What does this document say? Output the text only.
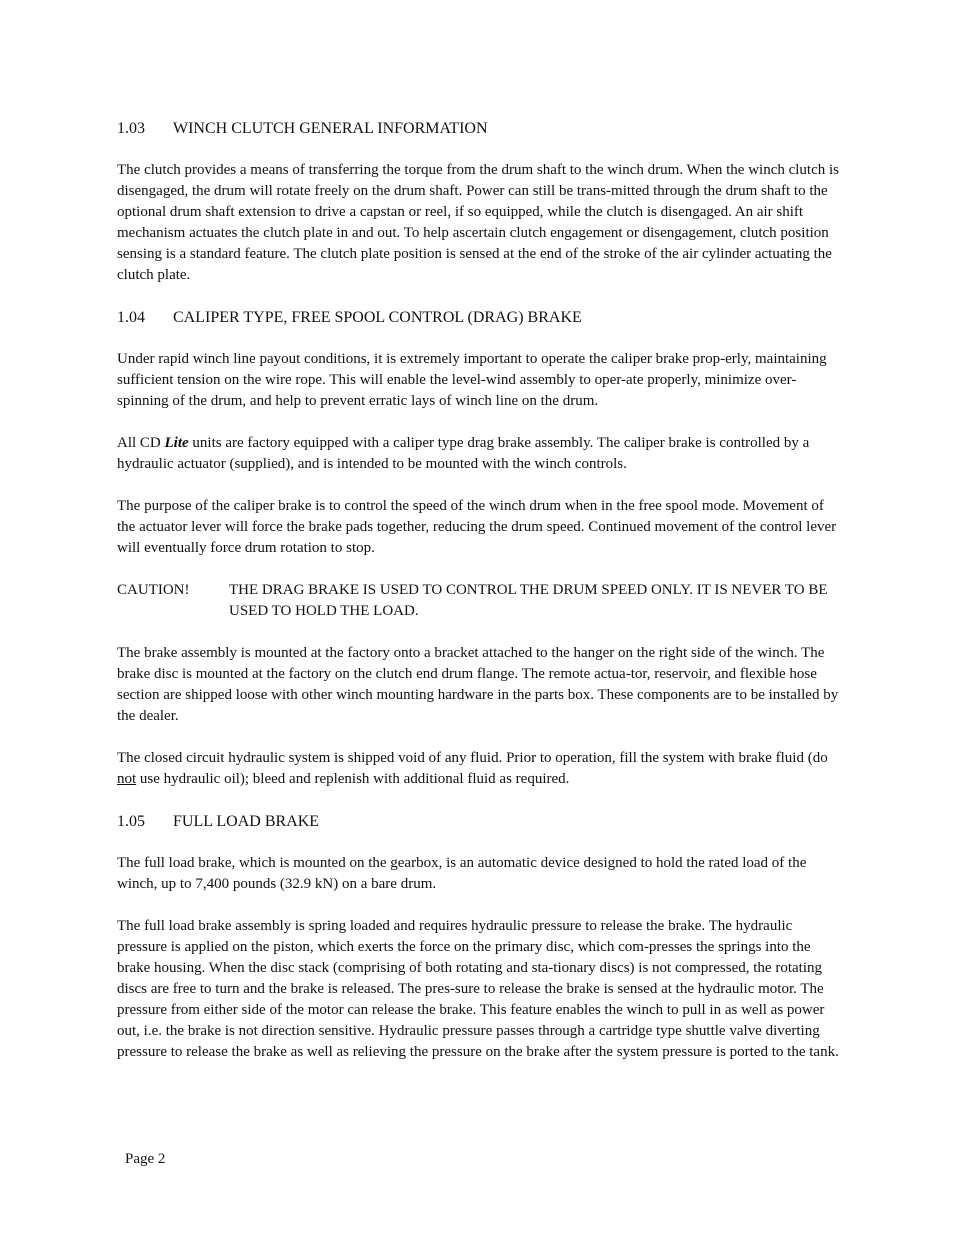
1.03 WINCH CLUTCH GENERAL INFORMATION

The clutch provides a means of transferring the torque from the drum shaft to the winch drum. When the winch clutch is disengaged, the drum will rotate freely on the drum shaft. Power can still be trans-mitted through the drum shaft to the optional drum shaft extension to drive a capstan or reel, if so equipped, while the clutch is disengaged. An air shift mechanism actuates the clutch plate in and out. To help ascertain clutch engagement or disengagement, clutch position sensing is a standard feature. The clutch plate position is sensed at the end of the stroke of the air cylinder actuating the clutch plate.

1.04 CALIPER TYPE, FREE SPOOL CONTROL (DRAG) BRAKE

Under rapid winch line payout conditions, it is extremely important to operate the caliper brake prop-erly, maintaining sufficient tension on the wire rope. This will enable the level-wind assembly to oper-ate properly, minimize over-spinning of the drum, and help to prevent erratic lays of winch line on the drum.

All CD Lite units are factory equipped with a caliper type drag brake assembly. The caliper brake is controlled by a hydraulic actuator (supplied), and is intended to be mounted with the winch controls.

The purpose of the caliper brake is to control the speed of the winch drum when in the free spool mode. Movement of the actuator lever will force the brake pads together, reducing the drum speed. Continued movement of the control lever will eventually force drum rotation to stop.

CAUTION!	THE DRAG BRAKE IS USED TO CONTROL THE DRUM SPEED ONLY. IT IS NEVER TO BE USED TO HOLD THE LOAD.

The brake assembly is mounted at the factory onto a bracket attached to the hanger on the right side of the winch. The brake disc is mounted at the factory on the clutch end drum flange. The remote actua-tor, reservoir, and flexible hose section are shipped loose with other winch mounting hardware in the parts box. These components are to be installed by the dealer.

The closed circuit hydraulic system is shipped void of any fluid. Prior to operation, fill the system with brake fluid (do not use hydraulic oil); bleed and replenish with additional fluid as required.

1.05 FULL LOAD BRAKE

The full load brake, which is mounted on the gearbox, is an automatic device designed to hold the rated load of the winch, up to 7,400 pounds (32.9 kN) on a bare drum.

The full load brake assembly is spring loaded and requires hydraulic pressure to release the brake. The hydraulic pressure is applied on the piston, which exerts the force on the primary disc, which com-presses the springs into the brake housing. When the disc stack (comprising of both rotating and sta-tionary discs) is not compressed, the rotating discs are free to turn and the brake is released. The pres-sure to release the brake is sensed at the hydraulic motor. The pressure from either side of the motor can release the brake. This feature enables the winch to pull in as well as power out, i.e. the brake is not direction sensitive. Hydraulic pressure passes through a cartridge type shuttle valve diverting pressure to release the brake as well as relieving the pressure on the brake after the system pressure is ported to the tank.

Page 2
